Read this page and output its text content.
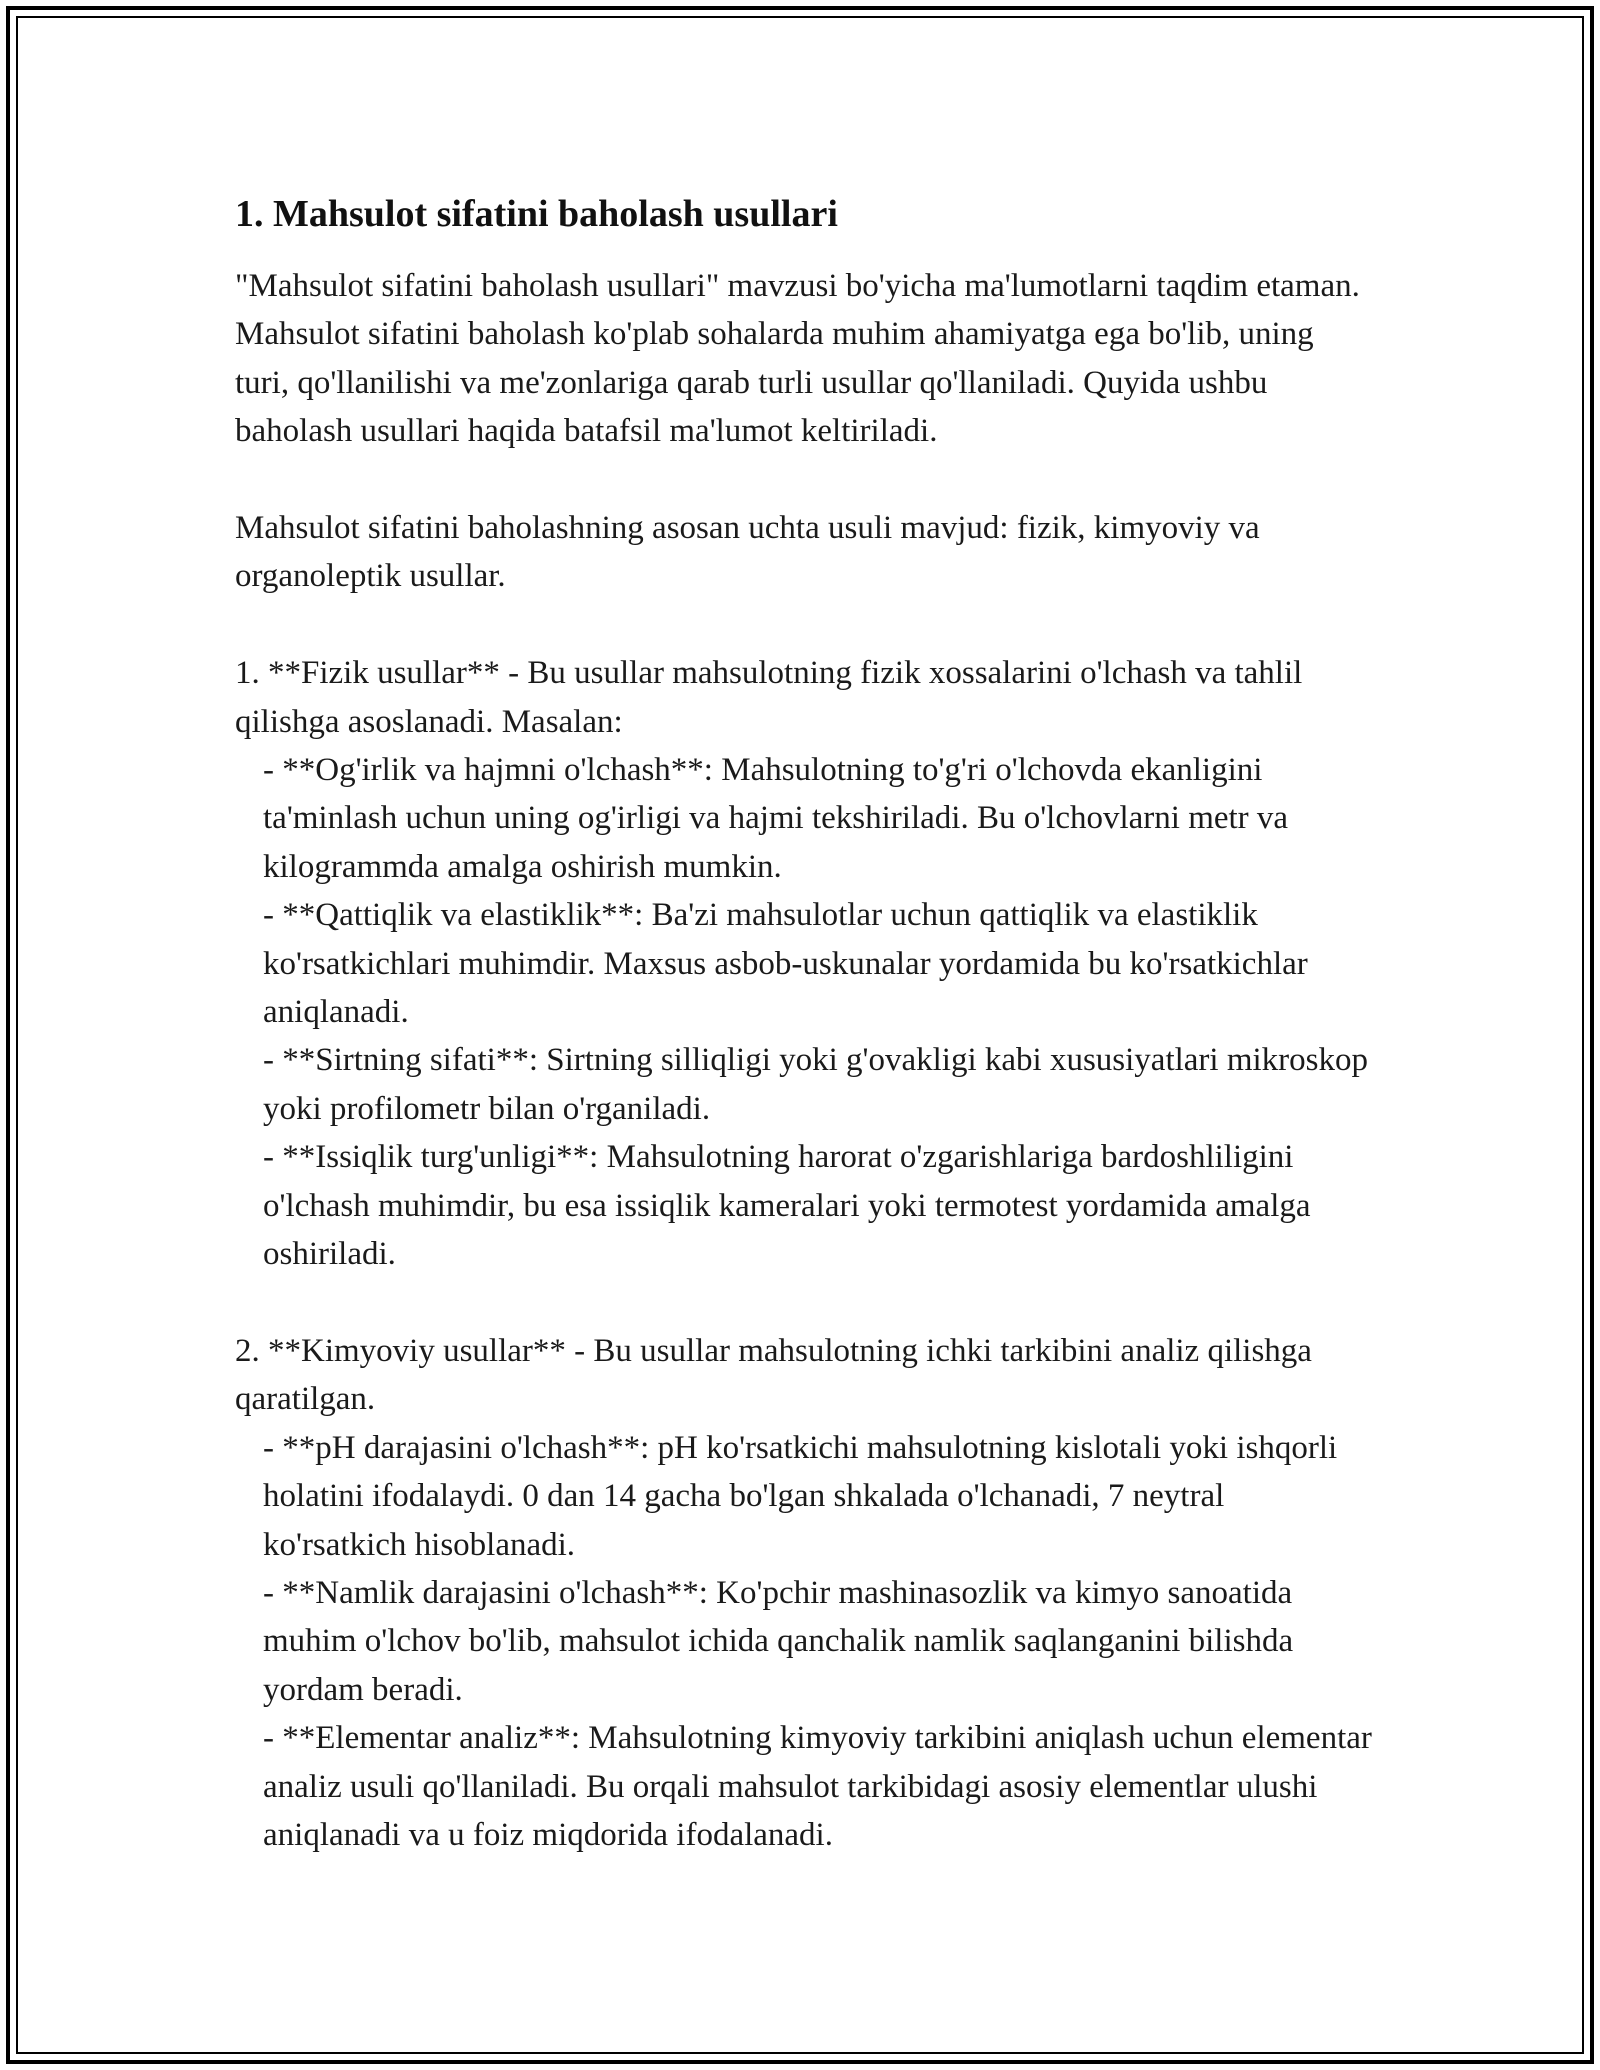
1. Mahsulot sifatini baholash usullari

"Mahsulot sifatini baholash usullari" mavzusi bo'yicha ma'lumotlarni taqdim etaman. Mahsulot sifatini baholash ko'plab sohalarda muhim ahamiyatga ega bo'lib, uning turi, qo'llanilishi va me'zonlariga qarab turli usullar qo'llaniladi. Quyida ushbu baholash usullari haqida batafsil ma'lumot keltiriladi.

Mahsulot sifatini baholashning asosan uchta usuli mavjud: fizik, kimyoviy va organoleptik usullar.

1. **Fizik usullar** - Bu usullar mahsulotning fizik xossalarini o'lchash va tahlil qilishga asoslanadi. Masalan:

- **Og'irlik va hajmni o'lchash**: Mahsulotning to'g'ri o'lchovda ekanligini ta'minlash uchun uning og'irligi va hajmi tekshiriladi. Bu o'lchovlarni metr va kilogrammda amalga oshirish mumkin.

- **Qattiqlik va elastiklik**: Ba'zi mahsulotlar uchun qattiqlik va elastiklik ko'rsatkichlari muhimdir. Maxsus asbob-uskunalar yordamida bu ko'rsatkichlar aniqlanadi.

- **Sirtning sifati**: Sirtning silliqligi yoki g'ovakligi kabi xususiyatlari mikroskop yoki profilometr bilan o'rganiladi.

- **Issiqlik turg'unligi**: Mahsulotning harorat o'zgarishlariga bardoshliligini o'lchash muhimdir, bu esa issiqlik kameralari yoki termotest yordamida amalga oshiriladi.

2. **Kimyoviy usullar** - Bu usullar mahsulotning ichki tarkibini analiz qilishga qaratilgan.

- **pH darajasini o'lchash**: pH ko'rsatkichi mahsulotning kislotali yoki ishqorli holatini ifodalaydi. 0 dan 14 gacha bo'lgan shkalada o'lchanadi, 7 neytral ko'rsatkich hisoblanadi.

- **Namlik darajasini o'lchash**: Ko'pchir mashinasozlik va kimyo sanoatida muhim o'lchov bo'lib, mahsulot ichida qanchalik namlik saqlanganini bilishda yordam beradi.

- **Elementar analiz**: Mahsulotning kimyoviy tarkibini aniqlash uchun elementar analiz usuli qo'llaniladi. Bu orqali mahsulot tarkibidagi asosiy elementlar ulushi aniqlanadi va u foiz miqdorida ifodalanadi.
